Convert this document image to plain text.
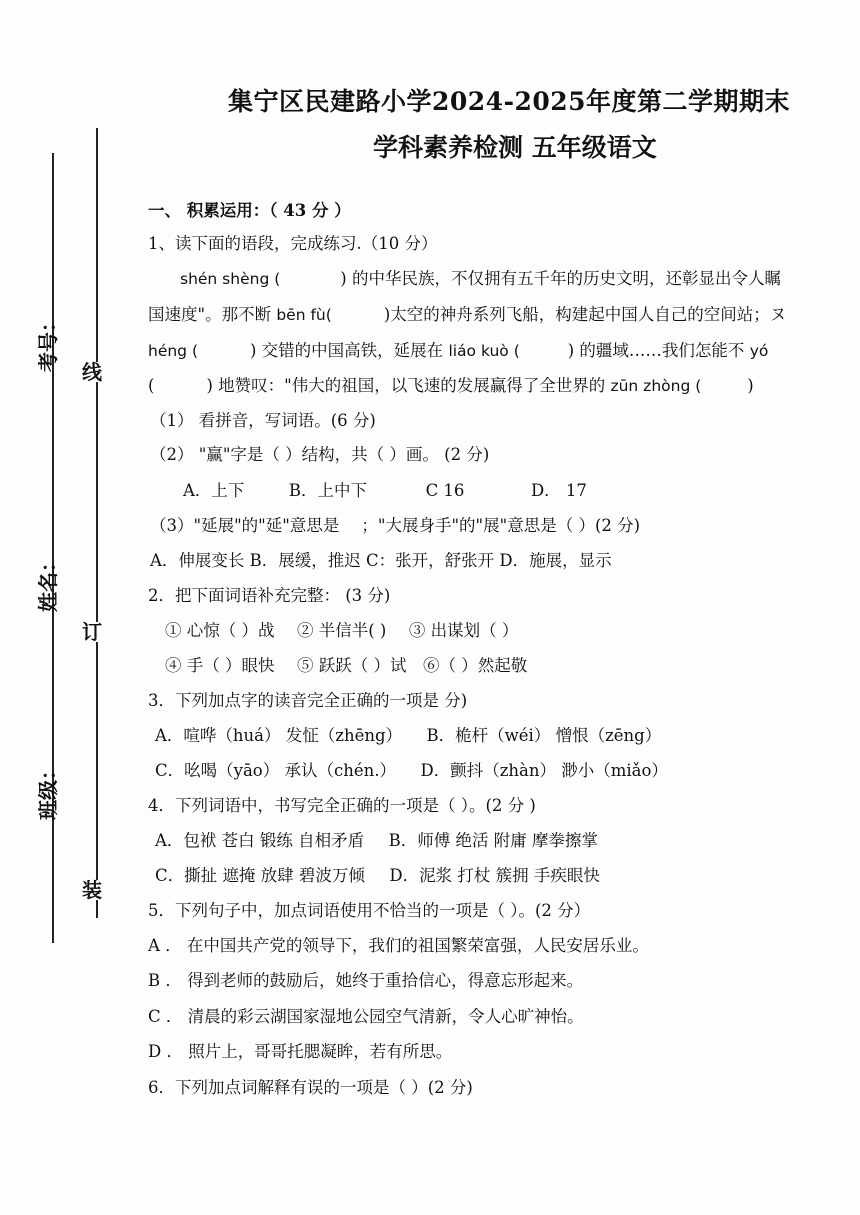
考号：
姓名：
班级：
线
订
装
集宁区民建路小学2024-2025年度第二学期期末
学科素养检测 五年级语文
一、 积累运用：（ 43 分 ）
1、读下面的语段，完成练习.（10 分）
shén shèng (	) 的中华民族，不仅拥有五千年的历史文明，还彰显出令人瞩
国速度"。那不断 bēn fù(	)太空的神舟系列飞船，构建起中国人自己的空间站；ヌ
héng (	) 交错的中国高铁，延展在 liáo kuò (	) 的疆域……我们怎能不 yó
(	) 地赞叹："伟大的祖国，以飞速的发展赢得了全世界的 zūn zhòng (	)
（1） 看拼音，写词语。(6 分)
（2） "赢"字是（ ）结构，共（ ）画。 (2 分)
A．上下	B．上中下	C 16	D． 17
（3）"延展"的"延"意思是 ；"大展身手"的"展"意思是（ ）(2 分)
A．伸展变长 B．展缓，推迟 C：张开，舒张开 D．施展，显示
2．把下面词语补充完整： (3 分)
① 心惊（ ）战 ② 半信半( ) ③ 出谋划（ ）
④ 手（ ）眼快 ⑤ 跃跃（ ）试 ⑥（ ）然起敬
3．下列加点字的读音完全正确的一项是 分)
A．喧哗（huá） 发怔（zhēng） B．桅杆（wéi） 憎恨（zēng）
C．吆喝（yāo） 承认（chén.） D．颤抖（zhàn） 渺小（miǎo）
4．下列词语中，书写完全正确的一项是（ ）。(2 分 )
A．包袱 苍白 锻练 自相矛盾 B．师傅 绝活 附庸 摩拳擦掌
C．撕扯 遮掩 放肆 碧波万倾 D．泥浆 打杖 簇拥 手疾眼快
5．下列句子中，加点词语使用不恰当的一项是（ ）。(2 分）
A ． 在中国共产党的领导下，我们的祖国繁荣富强，人民安居乐业。
B ． 得到老师的鼓励后，她终于重拾信心，得意忘形起来。
C ． 清晨的彩云湖国家湿地公园空气清新，令人心旷神怡。
D ． 照片上，哥哥托腮凝眸，若有所思。
6．下列加点词解释有误的一项是（ ）(2 分)
